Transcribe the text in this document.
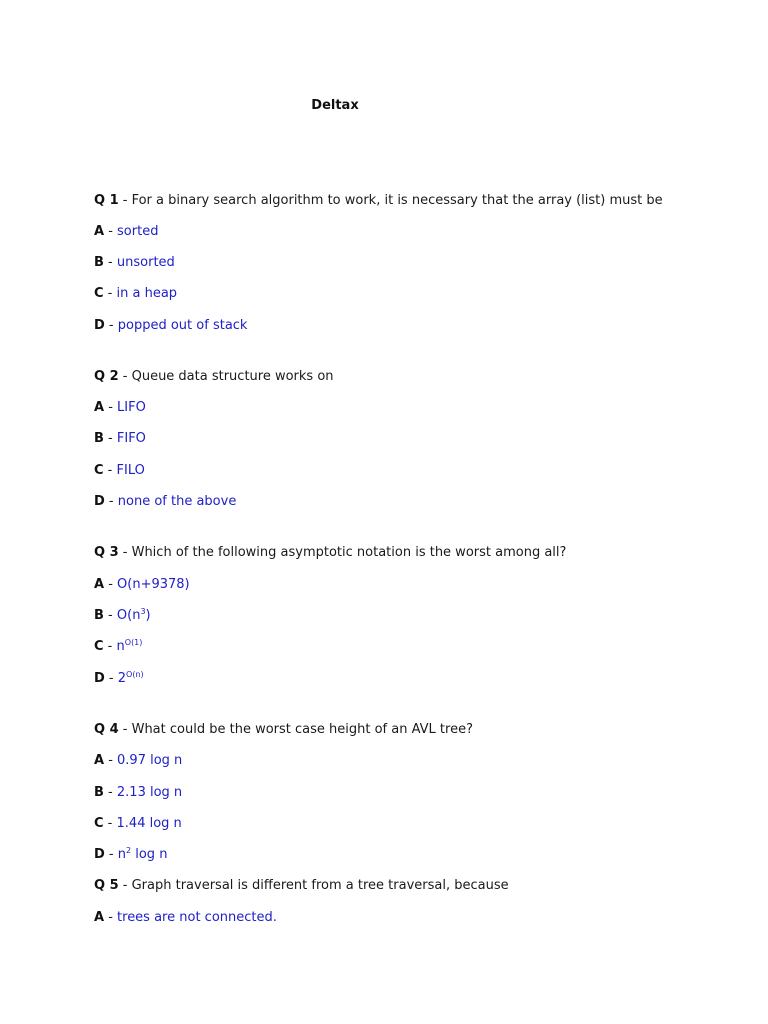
Deltax
Q 1 - For a binary search algorithm to work, it is necessary that the array (list) must be
A - sorted
B - unsorted
C - in a heap
D - popped out of stack
Q 2 - Queue data structure works on
A - LIFO
B - FIFO
C - FILO
D - none of the above
Q 3 - Which of the following asymptotic notation is the worst among all?
A - O(n+9378)
B - $O(n^3)$
C - $n^{O(1)}$
D - $2^{O(n)}$
Q 4 - What could be the worst case height of an AVL tree?
A - 0.97 log n
B - 2.13 log n
C - 1.44 log n
D - $n^2$ log n
Q 5 - Graph traversal is different from a tree traversal, because
A - trees are not connected.
